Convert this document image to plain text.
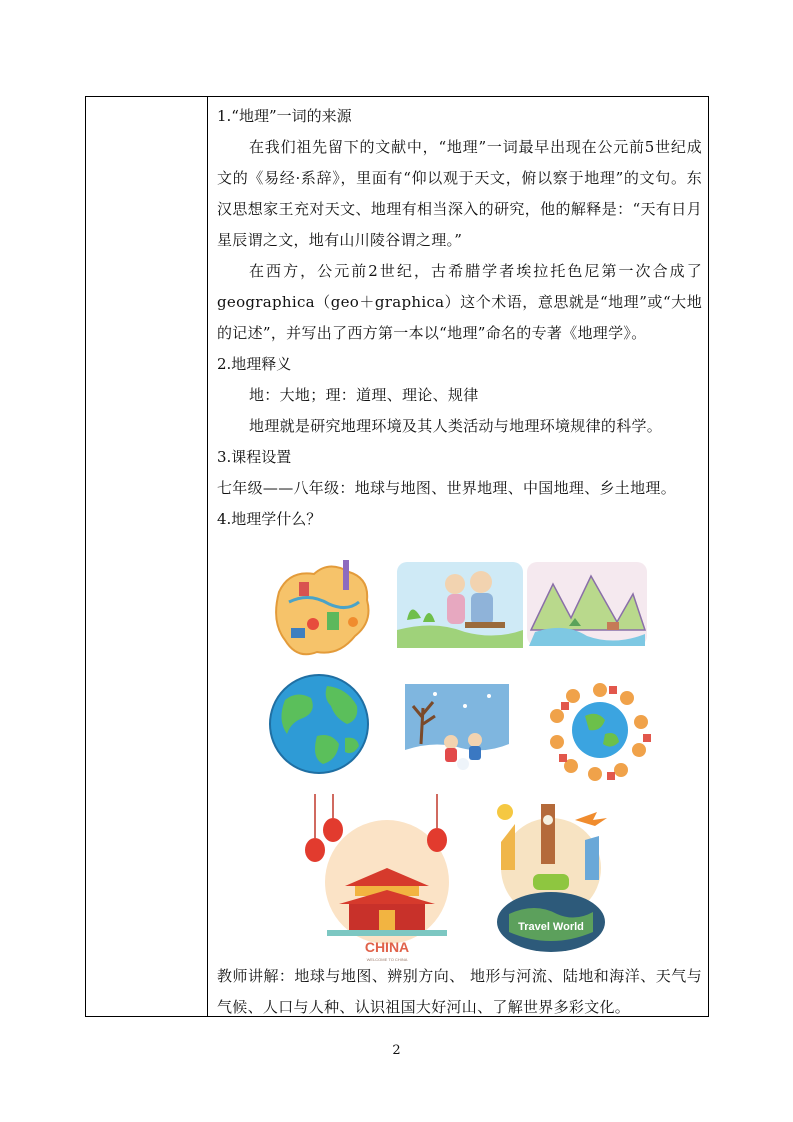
1.“地理”一词的来源

在我们祖先留下的文献中，“地理”一词最早出现在公元前5世纪成文的《易经·系辞》，里面有“仰以观于天文，俯以察于地理”的文句。东汉思想家王充对天文、地理有相当深入的研究，他的解释是：“天有日月星辰谓之文，地有山川陵谷谓之理。”

在西方，公元前2世纪，古希腊学者埃拉托色尼第一次合成了geographica（geo＋graphica）这个术语，意思就是“地理”或“大地的记述”，并写出了西方第一本以“地理”命名的专著《地理学》。

2.地理释义

地：大地；理：道理、理论、规律

地理就是研究地理环境及其人类活动与地理环境规律的科学。

3.课程设置

七年级——八年级：地球与地图、世界地理、中国地理、乡土地理。

4.地理学什么？

CHINA
WELCOME TO CHINA
Travel World

教师讲解：地球与地图、辨别方向、 地形与河流、陆地和海洋、天气与气候、人口与人种、认识祖国大好河山、了解世界多彩文化。

2
